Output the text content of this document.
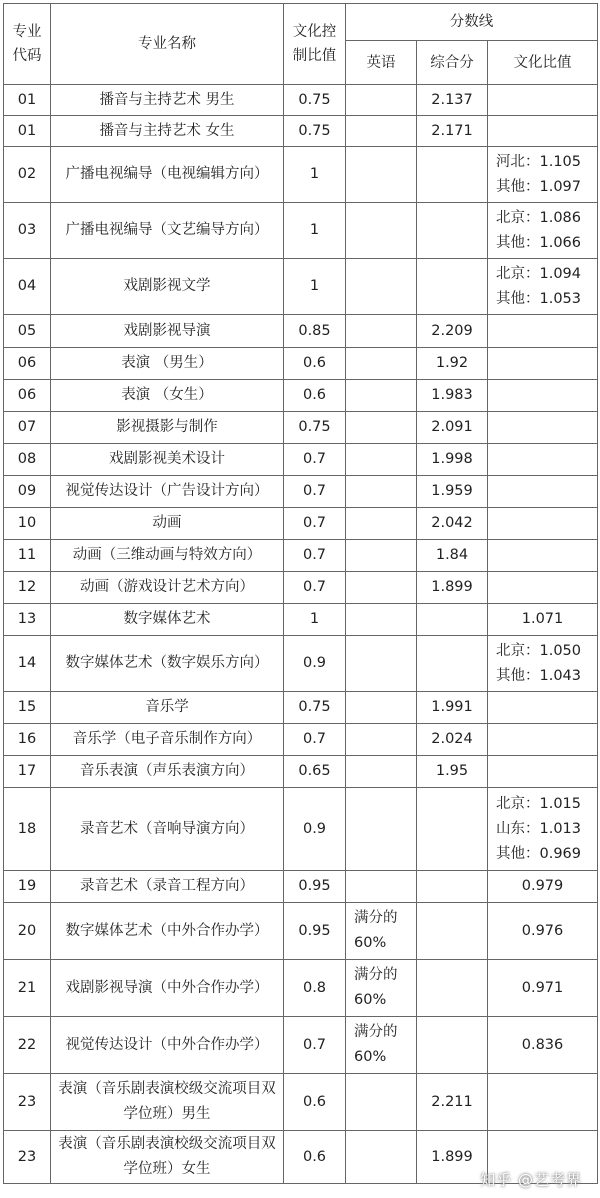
专业代码	专业名称	文化控制比值	分数线		
			英语	综合分	文化比值
01	播音与主持艺术 男生	0.75		2.137	
01	播音与主持艺术 女生	0.75		2.171	
02	广播电视编导（电视编辑方向）	1			河北：1.105
其他：1.097

03	广播电视编导（文艺编导方向）	1			北京：1.086
其他：1.066

04	戏剧影视文学	1			北京：1.094
其他：1.053

05	戏剧影视导演	0.85		2.209	
06	表演 （男生）	0.6		1.92	
06	表演 （女生）	0.6		1.983	
07	影视摄影与制作	0.75		2.091	
08	戏剧影视美术设计	0.7		1.998	
09	视觉传达设计（广告设计方向）	0.7		1.959	
10	动画	0.7		2.042	
11	动画（三维动画与特效方向）	0.7		1.84	
12	动画（游戏设计艺术方向）	0.7		1.899	
13	数字媒体艺术	1			1.071

14	数字媒体艺术（数字娱乐方向）	0.9			北京：1.050
其他：1.043

15	音乐学	0.75		1.991	
16	音乐学（电子音乐制作方向）	0.7		2.024	
17	音乐表演（声乐表演方向）	0.65		1.95	
18	录音艺术（音响导演方向）	0.9			北京：1.015
山东：1.013
其他：0.969

19	录音艺术（录音工程方向）	0.95			0.979

20	数字媒体艺术（中外合作办学）	0.95	满分的 60%		0.976

21	戏剧影视导演（中外合作办学）	0.8	满分的 60%		0.971

22	视觉传达设计（中外合作办学）	0.7	满分的 60%		0.836

23	表演（音乐剧表演校级交流项目双学位班）男生	0.6		2.211	
23	表演（音乐剧表演校级交流项目双学位班）女生	0.6		1.899	
知乎 @艺考界
